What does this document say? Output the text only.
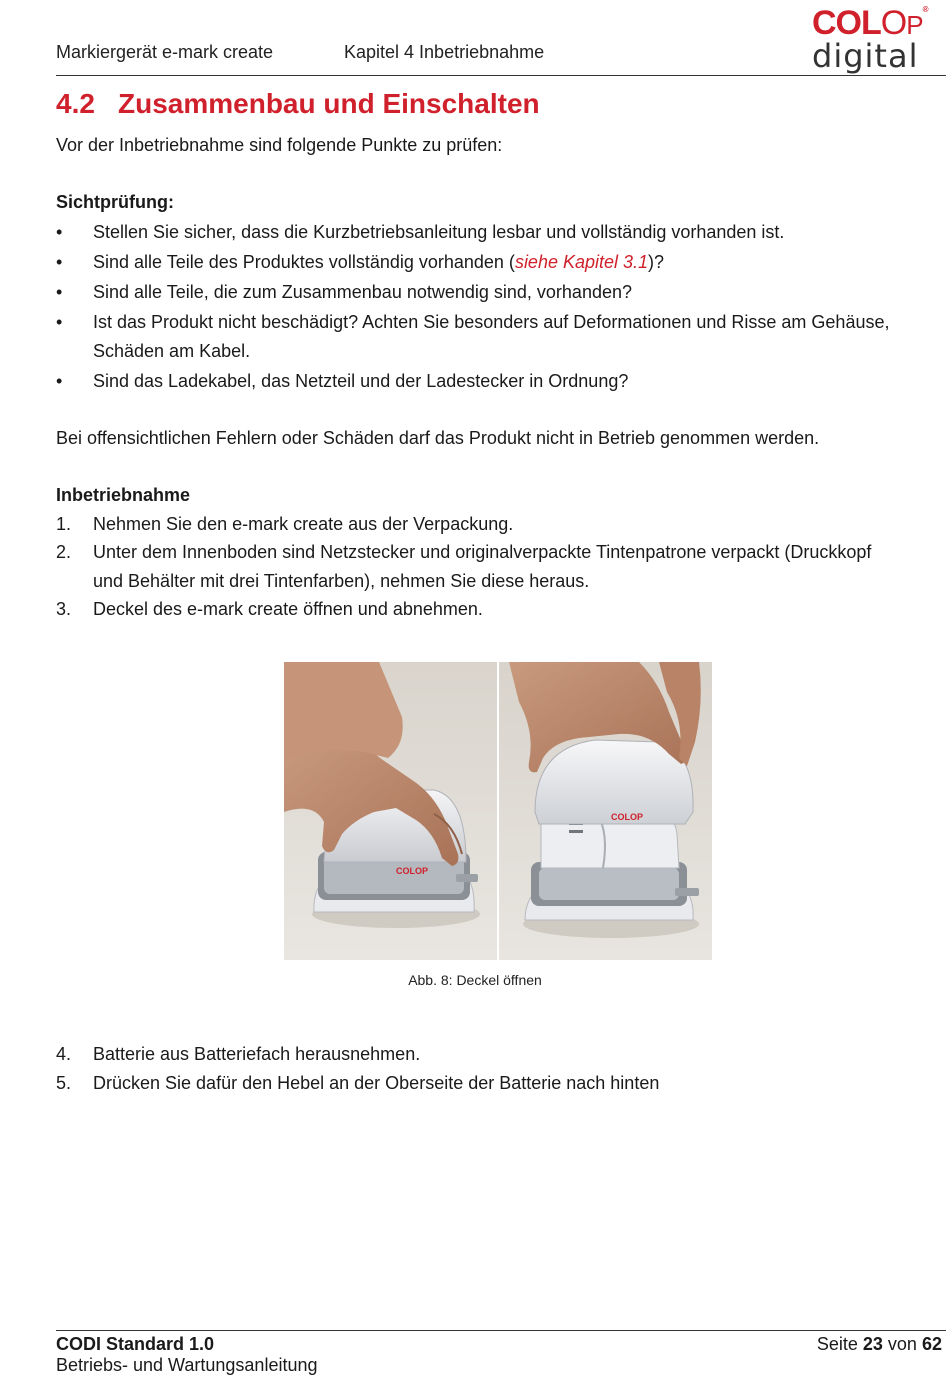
Markiergerät e-mark create	Kapitel 4 Inbetriebnahme
COLOP®
digital
4.2 Zusammenbau und Einschalten
Vor der Inbetriebnahme sind folgende Punkte zu prüfen:
Sichtprüfung:
• Stellen Sie sicher, dass die Kurzbetriebsanleitung lesbar und vollständig vorhanden ist.
• Sind alle Teile des Produktes vollständig vorhanden (siehe Kapitel 3.1)?
• Sind alle Teile, die zum Zusammenbau notwendig sind, vorhanden?
• Ist das Produkt nicht beschädigt? Achten Sie besonders auf Deformationen und Risse am Gehäuse,
Schäden am Kabel.
• Sind das Ladekabel, das Netzteil und der Ladestecker in Ordnung?
Bei offensichtlichen Fehlern oder Schäden darf das Produkt nicht in Betrieb genommen werden.
Inbetriebnahme
1. Nehmen Sie den e-mark create aus der Verpackung.
2. Unter dem Innenboden sind Netzstecker und originalverpackte Tintenpatrone verpackt (Druckkopf
und Behälter mit drei Tintenfarben), nehmen Sie diese heraus.
3. Deckel des e-mark create öffnen und abnehmen.
COLOP
COLOP
Abb. 8: Deckel öffnen
4. Batterie aus Batteriefach herausnehmen.
5. Drücken Sie dafür den Hebel an der Oberseite der Batterie nach hinten
CODI Standard 1.0
Betriebs- und Wartungsanleitung
Seite 23 von 62
